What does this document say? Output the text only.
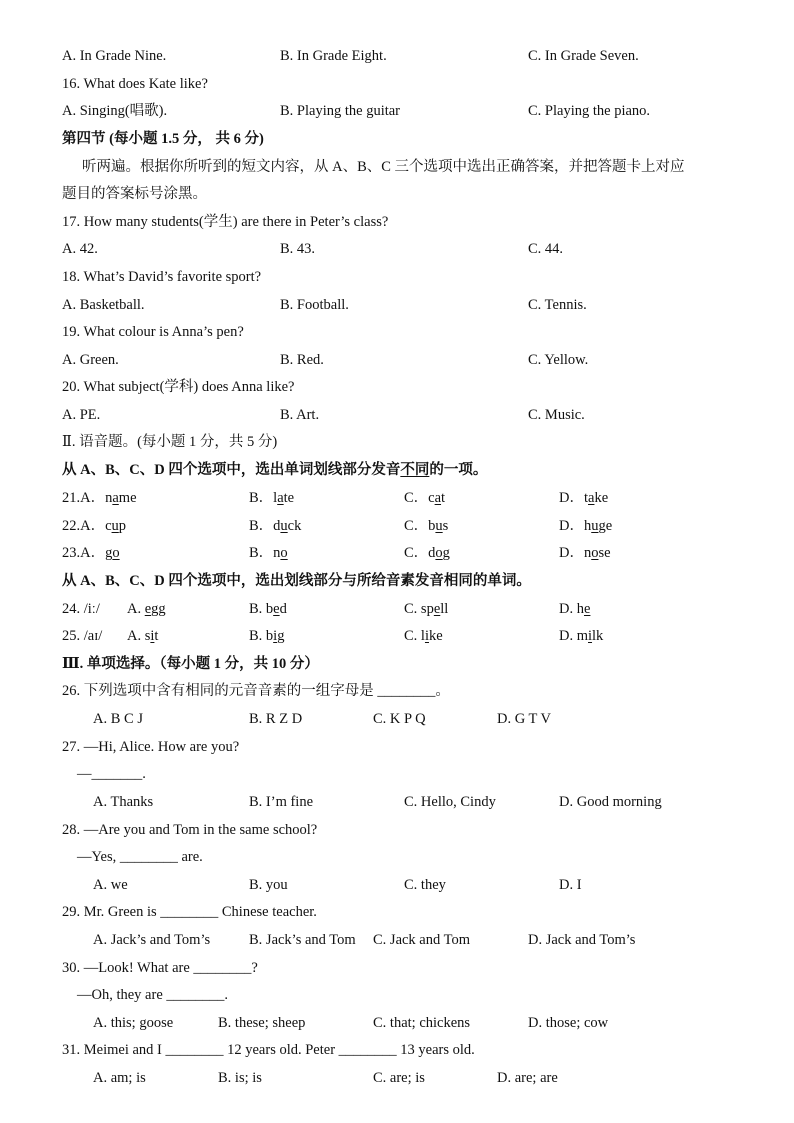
A. In Grade Nine.	B. In Grade Eight.	C. In Grade Seven.
16. What does Kate like?
A. Singing(唱歌).	B. Playing the guitar	C. Playing the piano.
第四节 (每小题 1.5 分， 共 6 分)
听两遍。根据你所听到的短文内容，从 A、B、C 三个选项中选出正确答案，并把答题卡上对应
题目的答案标号涂黑。
17. How many students(学生) are there in Peter’s class?
A. 42.	B. 43.	C. 44.
18. What’s David’s favorite sport?
A. Basketball.	B. Football.	C. Tennis.
19. What colour is Anna’s pen?
A. Green.	B. Red.	C. Yellow.
20. What subject(学科) does Anna like?
A. PE.	B. Art.	C. Music.
Ⅱ. 语音题。(每小题 1 分，共 5 分)
从 A、B、C、D 四个选项中，选出单词划线部分发音不同的一项。
21.A．name	B．late	C．cat	D．take
22.A．cup	B．duck	C．bus	D．huge
23.A．go	B．no	C．dog	D．nose
从 A、B、C、D 四个选项中，选出划线部分与所给音素发音相同的单词。
24. /iː/ A. egg	B. bed	C. spell	D. he
25. /aɪ/ A. sit	B. big	C. like	D. milk
Ⅲ. 单项选择。（每小题 1 分，共 10 分）
26. 下列选项中含有相同的元音音素的一组字母是 ________。
A. B C J	B. R Z D	C. K P Q	D. G T V
27. —Hi, Alice. How are you?
—_______.
A. Thanks	B. I’m fine	C. Hello, Cindy	D. Good morning
28. —Are you and Tom in the same school?
—Yes, ________ are.
A. we	B. you	C. they	D. I
29. Mr. Green is ________ Chinese teacher.
A. Jack’s and Tom’s	B. Jack’s and Tom C. Jack and Tom	D. Jack and Tom’s
30. —Look! What are ________?
—Oh, they are ________.
A. this; goose	B. these; sheep	C. that; chickens	D. those; cow
31. Meimei and I ________ 12 years old. Peter ________ 13 years old.
A. am; is	B. is; is	C. are; is	D. are; are
